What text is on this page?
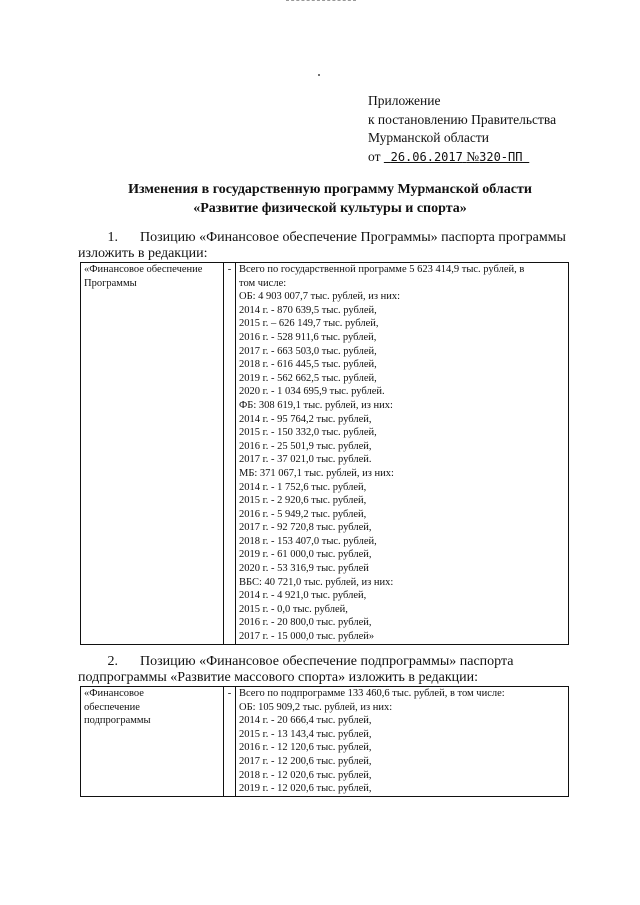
Приложение
к постановлению Правительства
Мурманской области
от 26.06.2017 №320-ПП
Изменения в государственную программу Мурманской области
«Развитие физической культуры и спорта»
1. Позицию «Финансовое обеспечение Программы» паспорта программы
изложить в редакции:
«Финансовое обеспечение Программы	-	Всего по государственной программе 5 623 414,9 тыс. рублей, в
том числе:
ОБ: 4 903 007,7 тыс. рублей, из них:
2014 г. - 870 639,5 тыс. рублей,
2015 г. – 626 149,7 тыс. рублей,
2016 г. - 528 911,6 тыс. рублей,
2017 г. - 663 503,0 тыс. рублей,
2018 г. - 616 445,5 тыс. рублей,
2019 г. - 562 662,5 тыс. рублей,
2020 г. - 1 034 695,9 тыс. рублей.
ФБ: 308 619,1 тыс. рублей, из них:
2014 г. - 95 764,2 тыс. рублей,
2015 г. - 150 332,0 тыс. рублей,
2016 г. - 25 501,9 тыс. рублей,
2017 г. - 37 021,0 тыс. рублей.
МБ: 371 067,1 тыс. рублей, из них:
2014 г. - 1 752,6 тыс. рублей,
2015 г. - 2 920,6 тыс. рублей,
2016 г. - 5 949,2 тыс. рублей,
2017 г. - 92 720,8 тыс. рублей,
2018 г. - 153 407,0 тыс. рублей,
2019 г. - 61 000,0 тыс. рублей,
2020 г. - 53 316,9 тыс. рублей
ВБС: 40 721,0 тыс. рублей, из них:
2014 г. - 4 921,0 тыс. рублей,
2015 г. - 0,0 тыс. рублей,
2016 г. - 20 800,0 тыс. рублей,
2017 г. - 15 000,0 тыс. рублей»
2. Позицию «Финансовое обеспечение подпрограммы» паспорта
подпрограммы «Развитие массового спорта» изложить в редакции:
«Финансовое
обеспечение
подпрограммы
	-	Всего по подпрограмме 133 460,6 тыс. рублей, в том числе:
ОБ: 105 909,2 тыс. рублей, из них:
2014 г. - 20 666,4 тыс. рублей,
2015 г. - 13 143,4 тыс. рублей,
2016 г. - 12 120,6 тыс. рублей,
2017 г. - 12 200,6 тыс. рублей,
2018 г. - 12 020,6 тыс. рублей,
2019 г. - 12 020,6 тыс. рублей,
